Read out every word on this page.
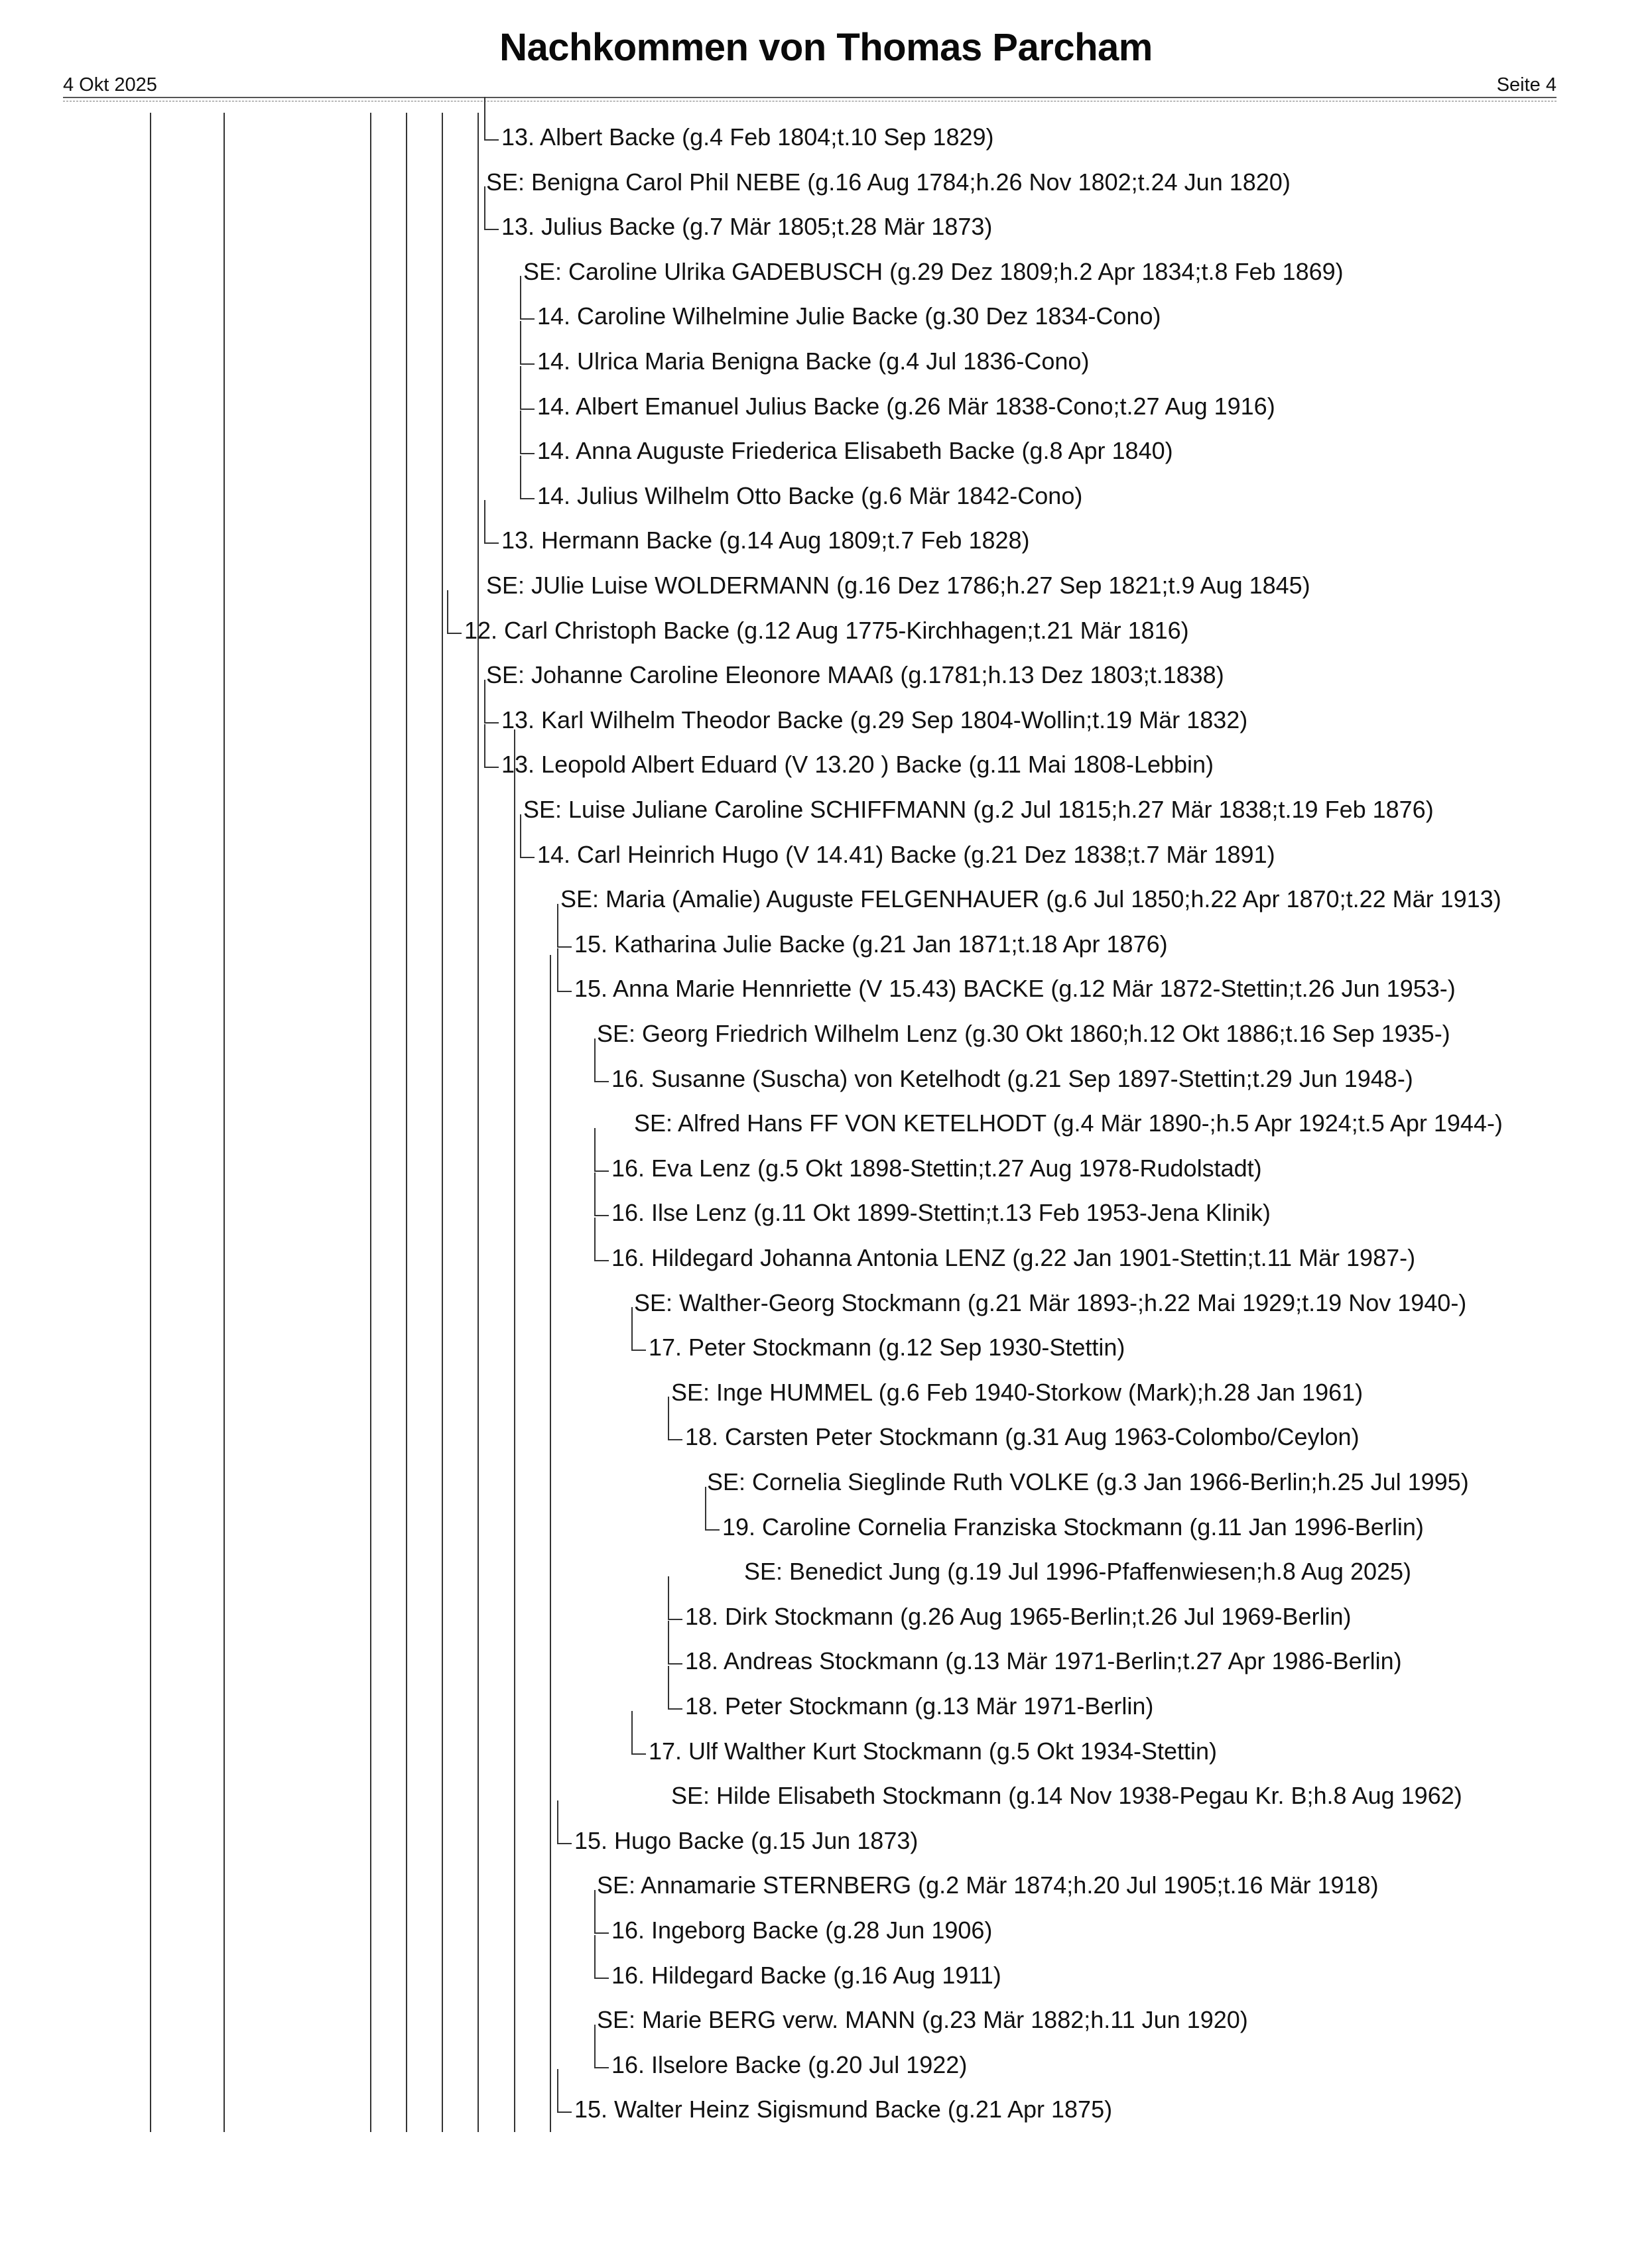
Nachkommen von Thomas Parcham
4 Okt 2025	Seite 4
13. Albert Backe (g.4 Feb 1804;t.10 Sep 1829)
SE: Benigna Carol Phil NEBE (g.16 Aug 1784;h.26 Nov 1802;t.24 Jun 1820)
13. Julius Backe (g.7 Mär 1805;t.28 Mär 1873)
SE: Caroline Ulrika GADEBUSCH (g.29 Dez 1809;h.2 Apr 1834;t.8 Feb 1869)
14. Caroline Wilhelmine Julie Backe (g.30 Dez 1834-Cono)
14. Ulrica Maria Benigna Backe (g.4 Jul 1836-Cono)
14. Albert Emanuel Julius Backe (g.26 Mär 1838-Cono;t.27 Aug 1916)
14. Anna Auguste Friederica Elisabeth Backe (g.8 Apr 1840)
14. Julius Wilhelm Otto Backe (g.6 Mär 1842-Cono)
13. Hermann Backe (g.14 Aug 1809;t.7 Feb 1828)
SE: JUlie Luise WOLDERMANN (g.16 Dez 1786;h.27 Sep 1821;t.9 Aug 1845)
12. Carl Christoph Backe (g.12 Aug 1775-Kirchhagen;t.21 Mär 1816)
SE: Johanne Caroline Eleonore MAAß (g.1781;h.13 Dez 1803;t.1838)
13. Karl Wilhelm Theodor Backe (g.29 Sep 1804-Wollin;t.19 Mär 1832)
13. Leopold Albert Eduard (V 13.20 ) Backe (g.11 Mai 1808-Lebbin)
SE: Luise Juliane Caroline SCHIFFMANN (g.2 Jul 1815;h.27 Mär 1838;t.19 Feb 1876)
14. Carl Heinrich Hugo (V 14.41) Backe (g.21 Dez 1838;t.7 Mär 1891)
SE: Maria (Amalie) Auguste FELGENHAUER (g.6 Jul 1850;h.22 Apr 1870;t.22 Mär 1913)
15. Katharina Julie Backe (g.21 Jan 1871;t.18 Apr 1876)
15. Anna Marie Hennriette (V 15.43) BACKE (g.12 Mär 1872-Stettin;t.26 Jun 1953-)
SE: Georg Friedrich Wilhelm Lenz (g.30 Okt 1860;h.12 Okt 1886;t.16 Sep 1935-)
16. Susanne (Suscha) von Ketelhodt (g.21 Sep 1897-Stettin;t.29 Jun 1948-)
SE: Alfred Hans FF VON KETELHODT (g.4 Mär 1890-;h.5 Apr 1924;t.5 Apr 1944-)
16. Eva Lenz (g.5 Okt 1898-Stettin;t.27 Aug 1978-Rudolstadt)
16. Ilse Lenz (g.11 Okt 1899-Stettin;t.13 Feb 1953-Jena Klinik)
16. Hildegard Johanna Antonia LENZ (g.22 Jan 1901-Stettin;t.11 Mär 1987-)
SE: Walther-Georg Stockmann (g.21 Mär 1893-;h.22 Mai 1929;t.19 Nov 1940-)
17. Peter Stockmann (g.12 Sep 1930-Stettin)
SE: Inge HUMMEL (g.6 Feb 1940-Storkow (Mark);h.28 Jan 1961)
18. Carsten Peter Stockmann (g.31 Aug 1963-Colombo/Ceylon)
SE: Cornelia Sieglinde Ruth VOLKE (g.3 Jan 1966-Berlin;h.25 Jul 1995)
19. Caroline Cornelia Franziska Stockmann (g.11 Jan 1996-Berlin)
SE: Benedict Jung (g.19 Jul 1996-Pfaffenwiesen;h.8 Aug 2025)
18. Dirk Stockmann (g.26 Aug 1965-Berlin;t.26 Jul 1969-Berlin)
18. Andreas Stockmann (g.13 Mär 1971-Berlin;t.27 Apr 1986-Berlin)
18. Peter Stockmann (g.13 Mär 1971-Berlin)
17. Ulf Walther Kurt Stockmann (g.5 Okt 1934-Stettin)
SE: Hilde Elisabeth Stockmann (g.14 Nov 1938-Pegau Kr. B;h.8 Aug 1962)
15. Hugo Backe (g.15 Jun 1873)
SE: Annamarie STERNBERG (g.2 Mär 1874;h.20 Jul 1905;t.16 Mär 1918)
16. Ingeborg Backe (g.28 Jun 1906)
16. Hildegard Backe (g.16 Aug 1911)
SE: Marie BERG verw. MANN (g.23 Mär 1882;h.11 Jun 1920)
16. Ilselore Backe (g.20 Jul 1922)
15. Walter Heinz Sigismund Backe (g.21 Apr 1875)
